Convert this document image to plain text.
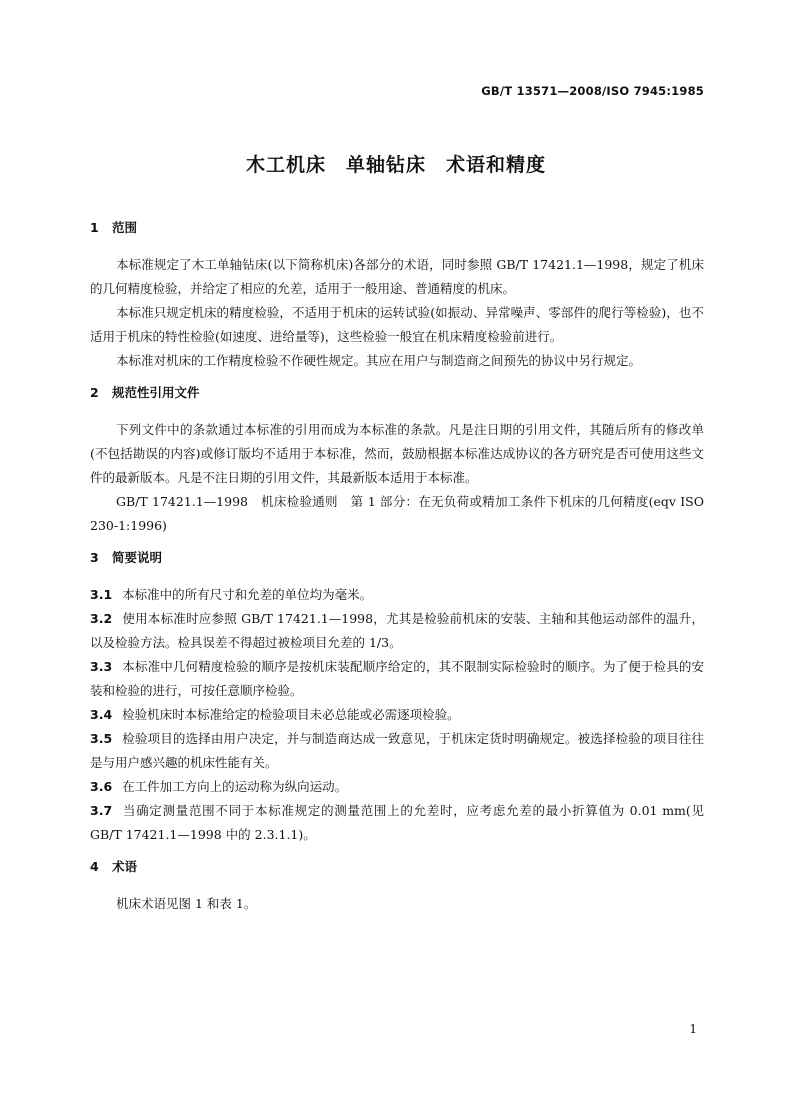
GB/T 13571—2008/ISO 7945:1985
木工机床　单轴钻床　术语和精度
1 范围

本标准规定了木工单轴钻床(以下简称机床)各部分的术语，同时参照 GB/T 17421.1—1998，规定了机床的几何精度检验，并给定了相应的允差，适用于一般用途、普通精度的机床。

本标准只规定机床的精度检验，不适用于机床的运转试验(如振动、异常噪声、零部件的爬行等检验)，也不适用于机床的特性检验(如速度、进给量等)，这些检验一般宜在机床精度检验前进行。

本标准对机床的工作精度检验不作硬性规定。其应在用户与制造商之间预先的协议中另行规定。

2 规范性引用文件

下列文件中的条款通过本标准的引用而成为本标准的条款。凡是注日期的引用文件，其随后所有的修改单(不包括勘误的内容)或修订版均不适用于本标准，然而，鼓励根据本标准达成协议的各方研究是否可使用这些文件的最新版本。凡是不注日期的引用文件，其最新版本适用于本标准。

GB/T 17421.1—1998　机床检验通则　第 1 部分：在无负荷或精加工条件下机床的几何精度(eqv ISO 230-1:1996)

3 简要说明

3.1 本标准中的所有尺寸和允差的单位均为毫米。

3.2 使用本标准时应参照 GB/T 17421.1—1998，尤其是检验前机床的安装、主轴和其他运动部件的温升，以及检验方法。检具误差不得超过被检项目允差的 1/3。

3.3 本标准中几何精度检验的顺序是按机床装配顺序给定的，其不限制实际检验时的顺序。为了便于检具的安装和检验的进行，可按任意顺序检验。

3.4 检验机床时本标准给定的检验项目未必总能或必需逐项检验。

3.5 检验项目的选择由用户决定，并与制造商达成一致意见，于机床定货时明确规定。被选择检验的项目往往是与用户感兴趣的机床性能有关。

3.6 在工件加工方向上的运动称为纵向运动。

3.7 当确定测量范围不同于本标准规定的测量范围上的允差时，应考虑允差的最小折算值为 0.01 mm(见 GB/T 17421.1—1998 中的 2.3.1.1)。

4 术语

机床术语见图 1 和表 1。

1
